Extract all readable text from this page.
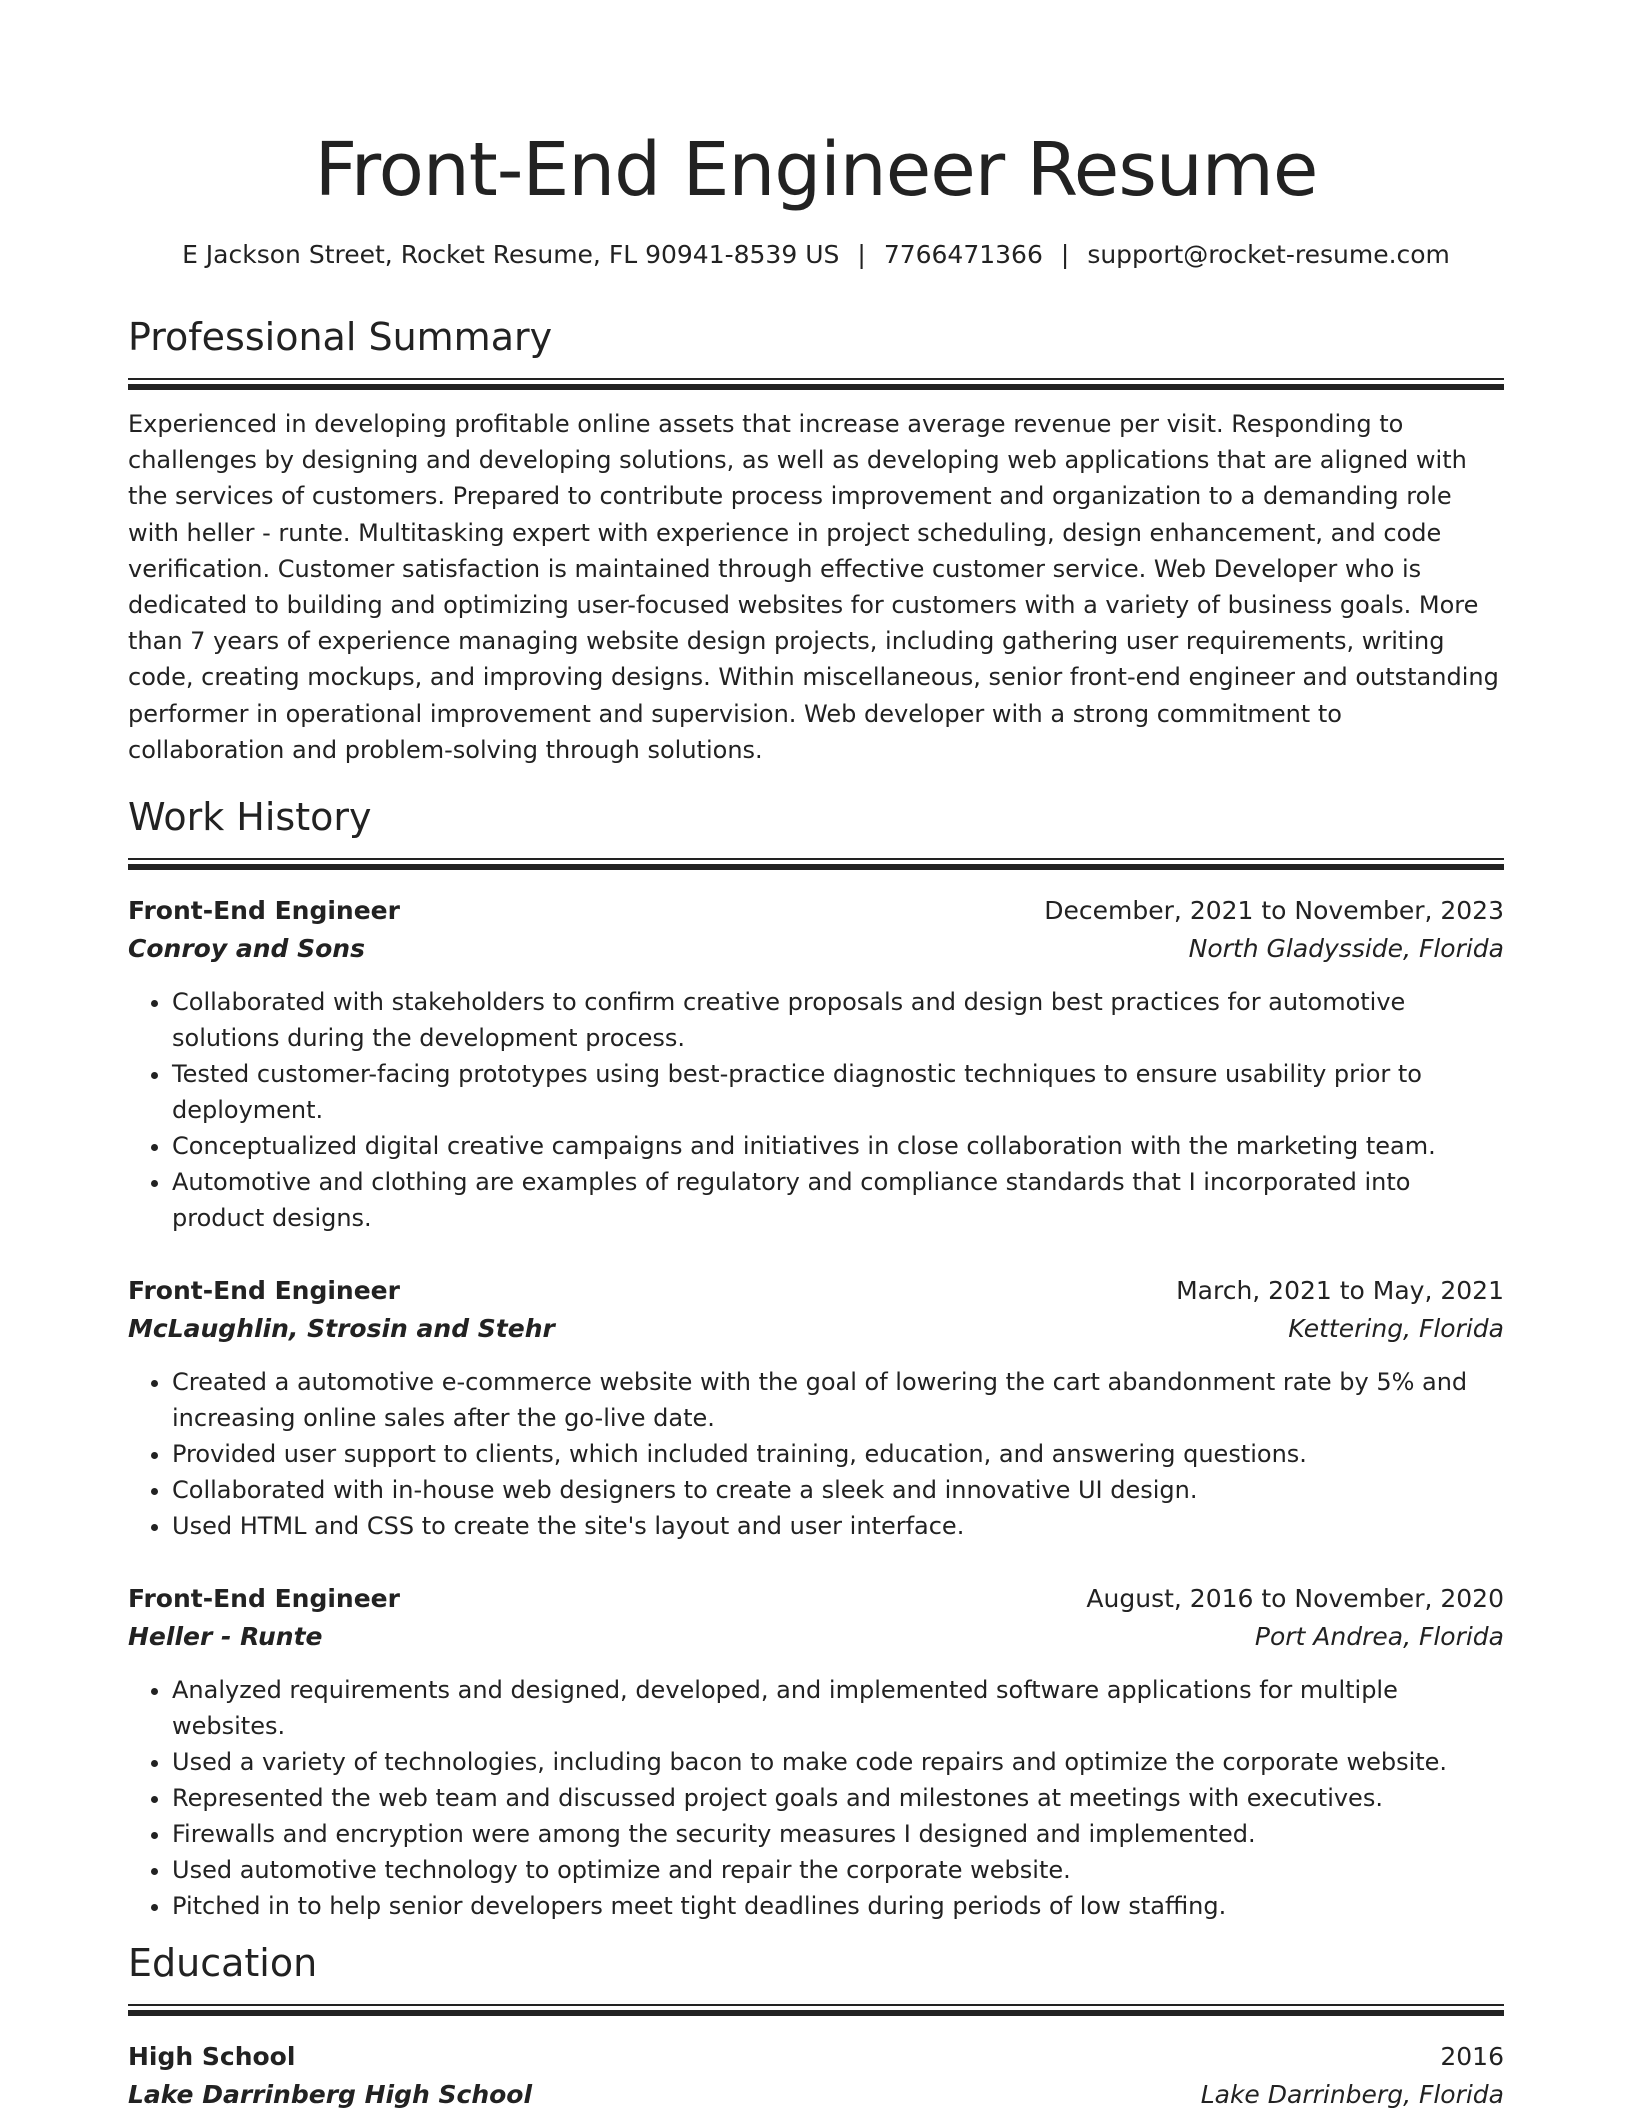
Front-End Engineer Resume
E Jackson Street, Rocket Resume, FL 90941-8539 US | 7766471366 | support@rocket-resume.com
Professional Summary

Experienced in developing profitable online assets that increase average revenue per visit. Responding to challenges by designing and developing solutions, as well as developing web applications that are aligned with the services of customers. Prepared to contribute process improvement and organization to a demanding role with heller - runte. Multitasking expert with experience in project scheduling, design enhancement, and code verification. Customer satisfaction is maintained through effective customer service. Web Developer who is dedicated to building and optimizing user-focused websites for customers with a variety of business goals. More than 7 years of experience managing website design projects, including gathering user requirements, writing code, creating mockups, and improving designs. Within miscellaneous, senior front-end engineer and outstanding performer in operational improvement and supervision. Web developer with a strong commitment to collaboration and problem-solving through solutions.

Work History
Front-End Engineer	December, 2021 to November, 2023
Conroy and Sons	North Gladysside, Florida
• Collaborated with stakeholders to confirm creative proposals and design best practices for automotive solutions during the development process.
• Tested customer-facing prototypes using best-practice diagnostic techniques to ensure usability prior to deployment.
• Conceptualized digital creative campaigns and initiatives in close collaboration with the marketing team.
• Automotive and clothing are examples of regulatory and compliance standards that I incorporated into product designs.
Front-End Engineer	March, 2021 to May, 2021
McLaughlin, Strosin and Stehr	Kettering, Florida
• Created a automotive e-commerce website with the goal of lowering the cart abandonment rate by 5% and increasing online sales after the go-live date.
• Provided user support to clients, which included training, education, and answering questions.
• Collaborated with in-house web designers to create a sleek and innovative UI design.
• Used HTML and CSS to create the site's layout and user interface.
Front-End Engineer	August, 2016 to November, 2020
Heller - Runte	Port Andrea, Florida
• Analyzed requirements and designed, developed, and implemented software applications for multiple websites.
• Used a variety of technologies, including bacon to make code repairs and optimize the corporate website.
• Represented the web team and discussed project goals and milestones at meetings with executives.
• Firewalls and encryption were among the security measures I designed and implemented.
• Used automotive technology to optimize and repair the corporate website.
• Pitched in to help senior developers meet tight deadlines during periods of low staffing.
Education
High School	2016
Lake Darrinberg High School	Lake Darrinberg, Florida
